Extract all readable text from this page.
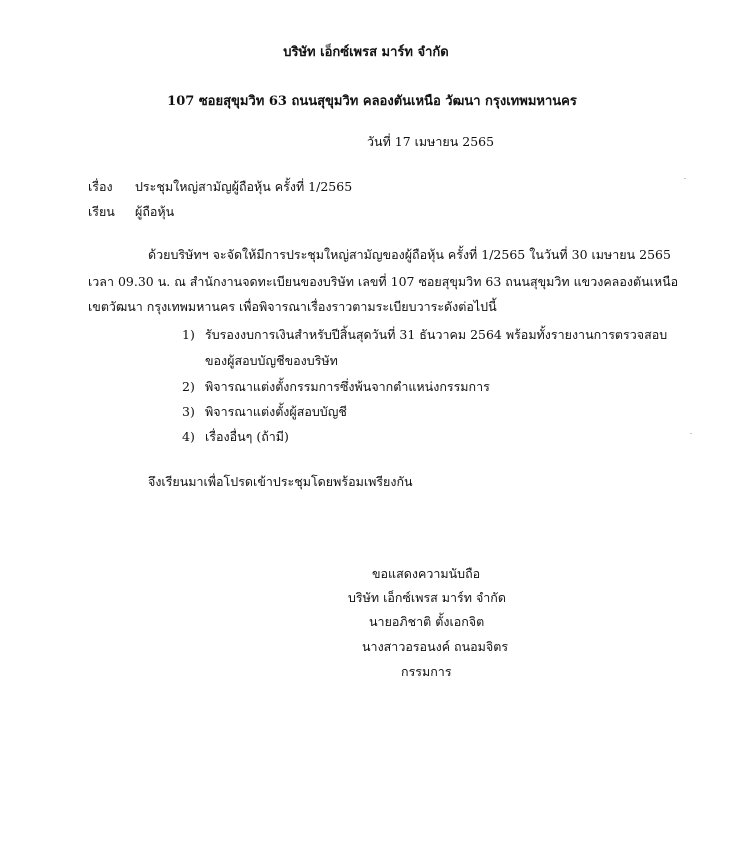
บริษัท เอ็กซ์เพรส มาร์ท จำกัด
107 ซอยสุขุมวิท 63 ถนนสุขุมวิท คลองตันเหนือ วัฒนา กรุงเทพมหานคร
วันที่ 17 เมษายน 2565
เรื่อง ประชุมใหญ่สามัญผู้ถือหุ้น ครั้งที่ 1/2565
เรียน ผู้ถือหุ้น
ด้วยบริษัทฯ จะจัดให้มีการประชุมใหญ่สามัญของผู้ถือหุ้น ครั้งที่ 1/2565 ในวันที่ 30 เมษายน 2565
เวลา 09.30 น. ณ สำนักงานจดทะเบียนของบริษัท เลขที่ 107 ซอยสุขุมวิท 63 ถนนสุขุมวิท แขวงคลองตันเหนือ
เขตวัฒนา กรุงเทพมหานคร เพื่อพิจารณาเรื่องราวตามระเบียบวาระดังต่อไปนี้
1) รับรองงบการเงินสำหรับปีสิ้นสุดวันที่ 31 ธันวาคม 2564 พร้อมทั้งรายงานการตรวจสอบ
ของผู้สอบบัญชีของบริษัท
2) พิจารณาแต่งตั้งกรรมการซึ่งพ้นจากตำแหน่งกรรมการ
3) พิจารณาแต่งตั้งผู้สอบบัญชี
4) เรื่องอื่นๆ (ถ้ามี)
จึงเรียนมาเพื่อโปรดเข้าประชุมโดยพร้อมเพรียงกัน
ขอแสดงความนับถือ
บริษัท เอ็กซ์เพรส มาร์ท จำกัด
นายอภิชาติ ตั้งเอกจิต
นางสาวอรอนงค์ ถนอมจิตร
กรรมการ
